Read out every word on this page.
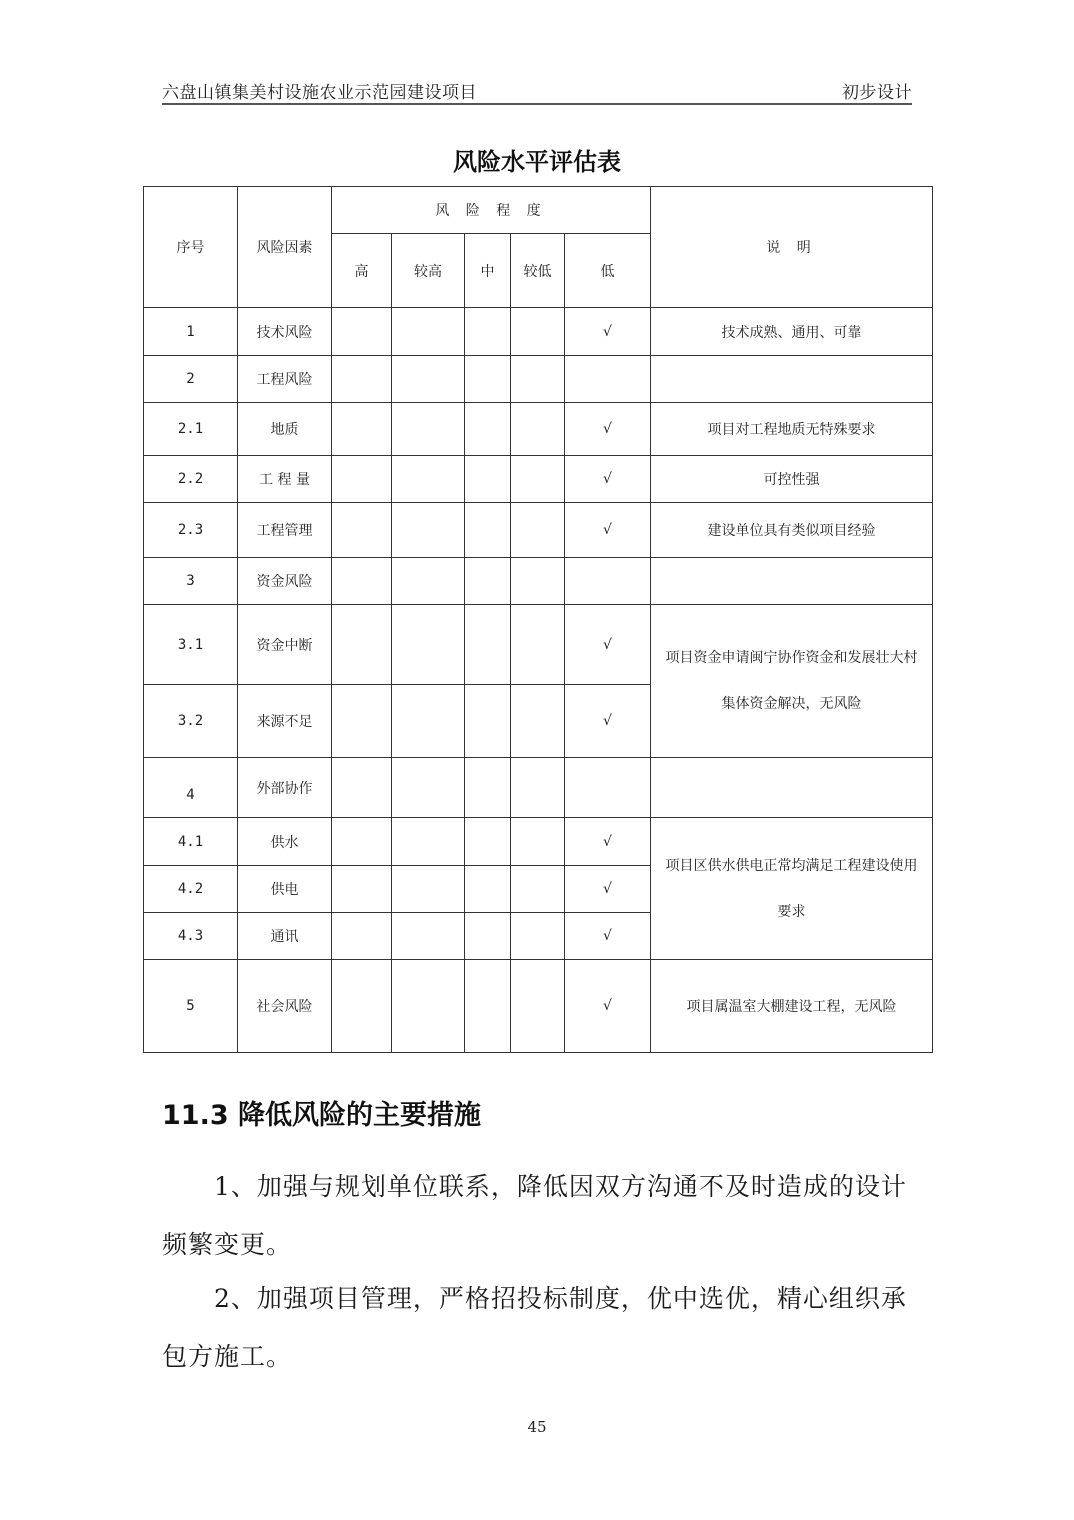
六盘山镇集美村设施农业示范园建设项目	初步设计
风险水平评估表
序号	风险因素	风 险 程 度					说 明
		高	较高	中	较低	低	
1	技术风险					√	技术成熟、通用、可靠
2	工程风险						
2.1	地质					√	项目对工程地质无特殊要求
2.2	工 程 量					√	可控性强
2.3	工程管理					√	建设单位具有类似项目经验
3	资金风险						
3.1	资金中断					√	项目资金申请闽宁协作资金和发展壮大村集体资金解决，无风险
3.2	来源不足					√	
4	外部协作						
4.1	供水					√	项目区供水供电正常均满足工程建设使用要求
4.2	供电					√	
4.3	通讯					√	
5	社会风险					√	项目属温室大棚建设工程，无风险
11.3 降低风险的主要措施
1、加强与规划单位联系，降低因双方沟通不及时造成的设计频繁变更。
2、加强项目管理，严格招投标制度，优中选优，精心组织承包方施工。
45
